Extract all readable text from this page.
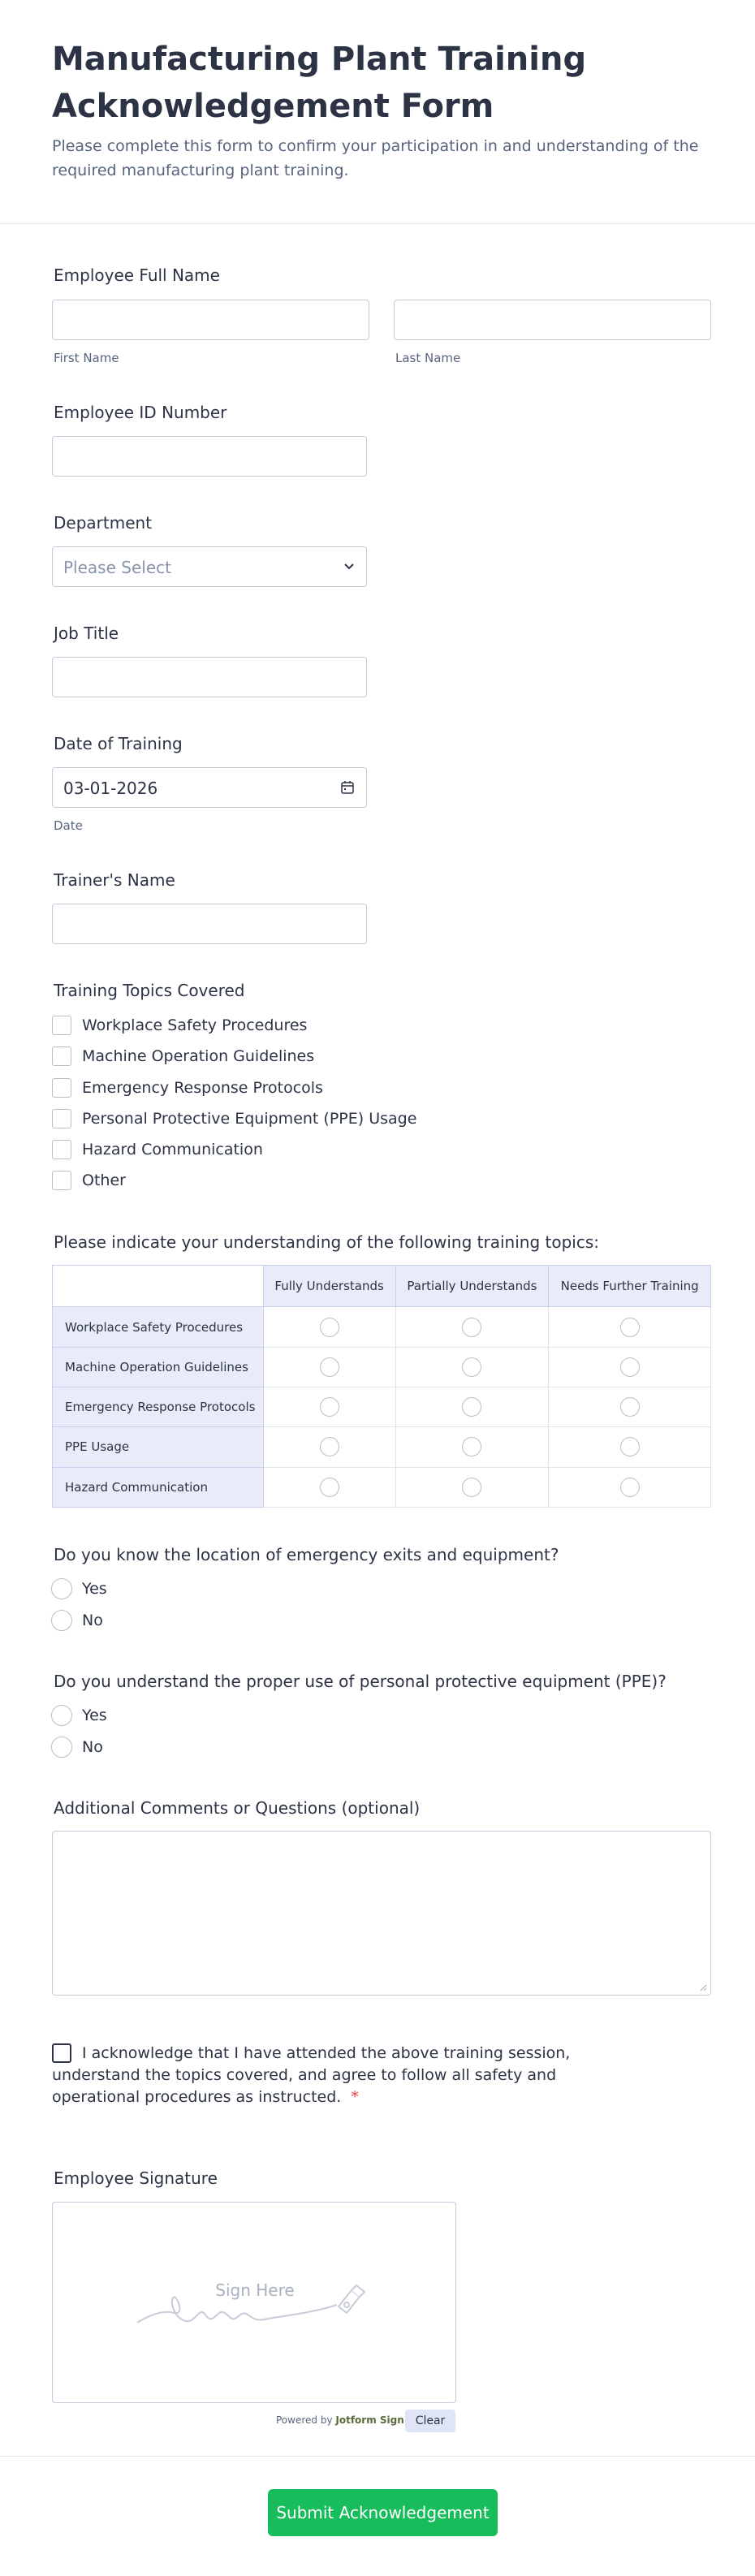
Manufacturing Plant Training Acknowledgement Form
Please complete this form to confirm your participation in and understanding of the required manufacturing plant training.
Employee Full Name
First Name	Last Name
Employee ID Number
Department
Please Select
Job Title
Date of Training
03-01-2026
Date
Trainer's Name
Training Topics Covered
Workplace Safety Procedures
Machine Operation Guidelines
Emergency Response Protocols
Personal Protective Equipment (PPE) Usage
Hazard Communication
Other
Please indicate your understanding of the following training topics:
	Fully Understands	Partially Understands	Needs Further Training
Workplace Safety Procedures	

Machine Operation Guidelines	

Emergency Response Protocols	

PPE Usage	

Hazard Communication	

Do you know the location of emergency exits and equipment?
Yes
No
Do you understand the proper use of personal protective equipment (PPE)?
Yes
No
Additional Comments or Questions (optional)
I acknowledge that I have attended the above training session,
understand the topics covered, and agree to follow all safety and
operational procedures as instructed. *
Employee Signature
Sign Here
Powered by Jotform Sign Clear
Submit Acknowledgement
